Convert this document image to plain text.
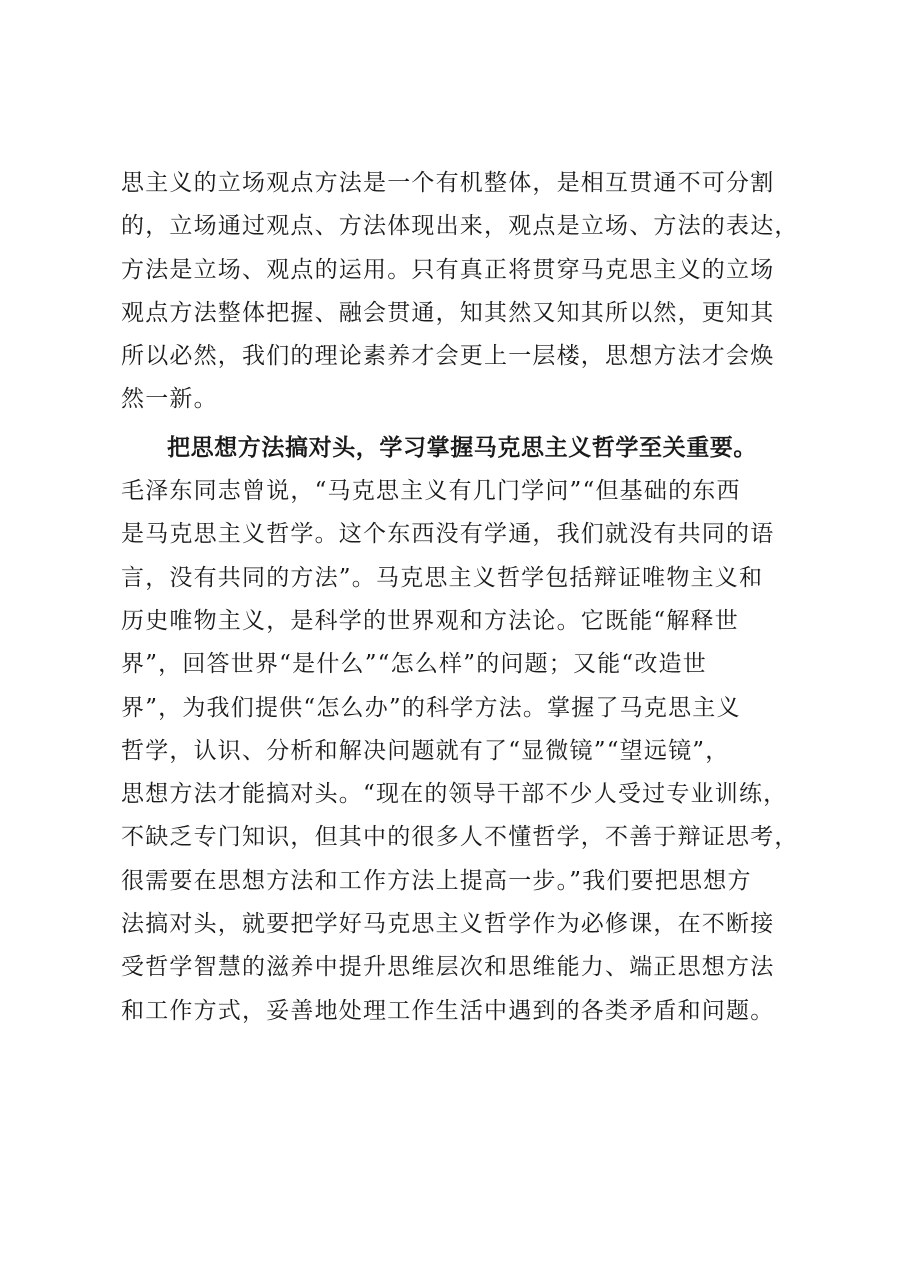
思主义的立场观点方法是一个有机整体，是相互贯通不可分割
的，立场通过观点、方法体现出来，观点是立场、方法的表达，
方法是立场、观点的运用。只有真正将贯穿马克思主义的立场
观点方法整体把握、融会贯通，知其然又知其所以然，更知其
所以必然，我们的理论素养才会更上一层楼，思想方法才会焕
然一新。
把思想方法搞对头，学习掌握马克思主义哲学至关重要。
毛泽东同志曾说，“马克思主义有几门学问”“但基础的东西
是马克思主义哲学。这个东西没有学通，我们就没有共同的语
言，没有共同的方法”。马克思主义哲学包括辩证唯物主义和
历史唯物主义，是科学的世界观和方法论。它既能“解释世
界”，回答世界“是什么”“怎么样”的问题；又能“改造世
界”，为我们提供“怎么办”的科学方法。掌握了马克思主义
哲学，认识、分析和解决问题就有了“显微镜”“望远镜”，
思想方法才能搞对头。“现在的领导干部不少人受过专业训练，
不缺乏专门知识，但其中的很多人不懂哲学，不善于辩证思考，
很需要在思想方法和工作方法上提高一步。”我们要把思想方
法搞对头，就要把学好马克思主义哲学作为必修课，在不断接
受哲学智慧的滋养中提升思维层次和思维能力、端正思想方法
和工作方式，妥善地处理工作生活中遇到的各类矛盾和问题。
